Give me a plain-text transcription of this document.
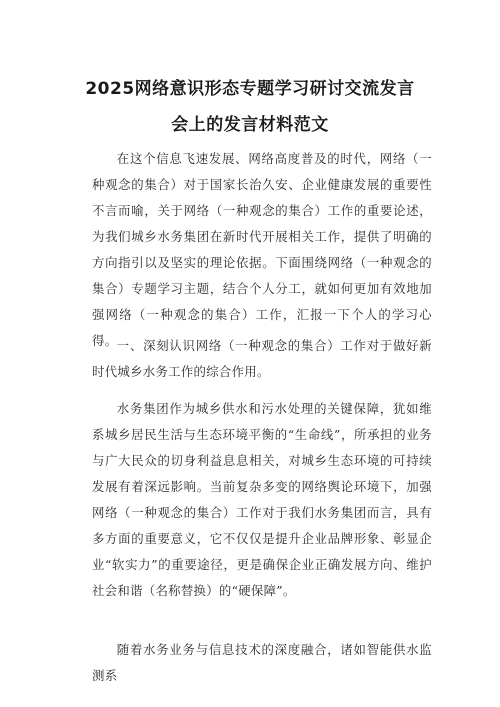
2025网络意识形态专题学习研讨交流发言
会上的发言材料范文
在这个信息飞速发展、网络高度普及的时代，网络（一种观念的集合）对于国家长治久安、企业健康发展的重要性不言而喻，关于网络（一种观念的集合）工作的重要论述，为我们城乡水务集团在新时代开展相关工作，提供了明确的方向指引以及坚实的理论依据。下面围绕网络（一种观念的集合）专题学习主题，结合个人分工，就如何更加有效地加强网络（一种观念的集合）工作，汇报一下个人的学习心得。 一、深刻认识网络（一种观念的集合）工作对于做好新时代城乡水务工作的综合作用。
水务集团作为城乡供水和污水处理的关键保障，犹如维系城乡居民生活与生态环境平衡的“生命线”，所承担的业务与广大民众的切身利益息息相关，对城乡生态环境的可持续发展有着深远影响。当前复杂多变的网络舆论环境下，加强网络（一种观念的集合）工作对于我们水务集团而言，具有多方面的重要意义，它不仅仅是提升企业品牌形象、彰显企业“软实力”的重要途径，更是确保企业正确发展方向、维护社会和谐（名称替换）的“硬保障”。
随着水务业务与信息技术的深度融合，诸如智能供水监测系
